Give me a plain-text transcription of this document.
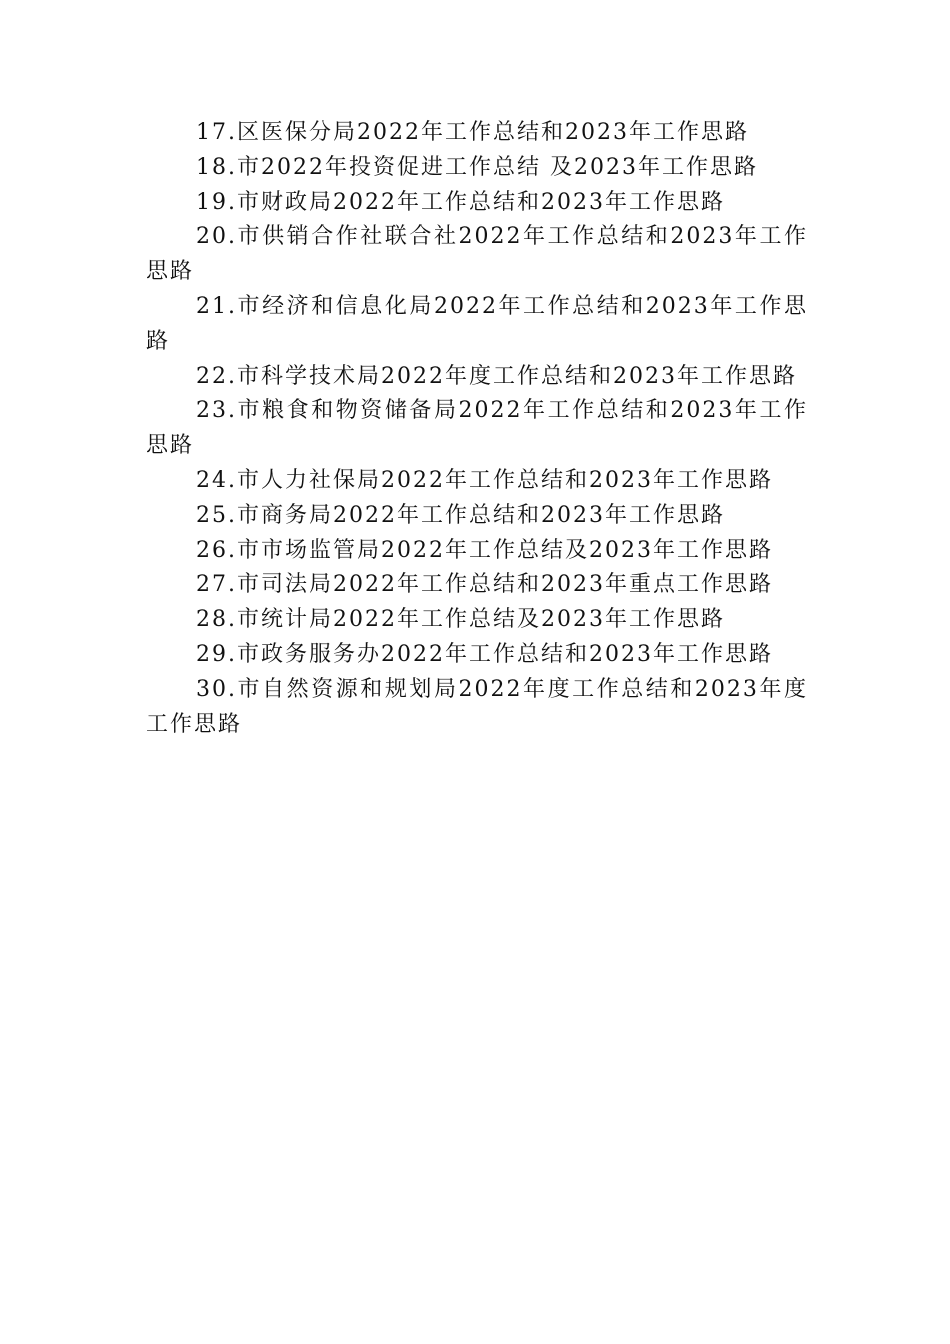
17.区医保分局2022年工作总结和2023年工作思路

18.市2022年投资促进工作总结 及2023年工作思路

19.市财政局2022年工作总结和2023年工作思路

20.市供销合作社联合社2022年工作总结和2023年工作思路

21.市经济和信息化局2022年工作总结和2023年工作思路

22.市科学技术局2022年度工作总结和2023年工作思路

23.市粮食和物资储备局2022年工作总结和2023年工作思路

24.市人力社保局2022年工作总结和2023年工作思路

25.市商务局2022年工作总结和2023年工作思路

26.市市场监管局2022年工作总结及2023年工作思路

27.市司法局2022年工作总结和2023年重点工作思路

28.市统计局2022年工作总结及2023年工作思路

29.市政务服务办2022年工作总结和2023年工作思路

30.市自然资源和规划局2022年度工作总结和2023年度工作思路
